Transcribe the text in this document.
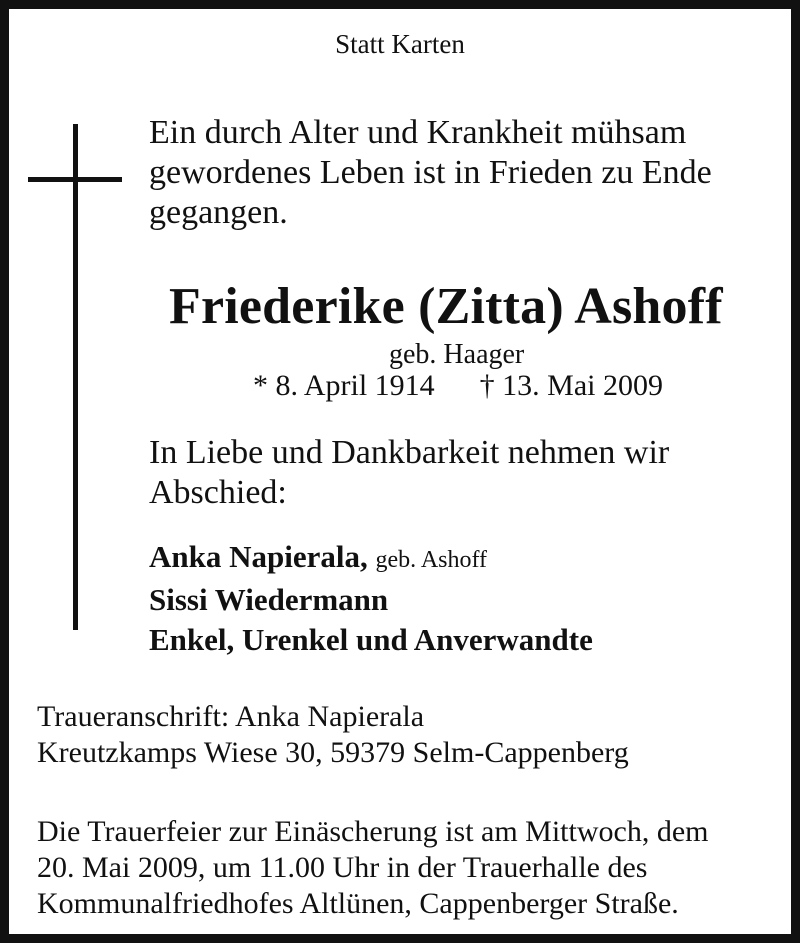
Statt Karten
Ein durch Alter und Krankheit mühsam
gewordenes Leben ist in Frieden zu Ende
gegangen.
Friederike (Zitta) Ashoff
geb. Haager
* 8. April 1914 † 13. Mai 2009
In Liebe und Dankbarkeit nehmen wir
Abschied:
Anka Napierala, geb. Ashoff
Sissi Wiedermann
Enkel, Urenkel und Anverwandte
Traueranschrift: Anka Napierala
Kreutzkamps Wiese 30, 59379 Selm-Cappenberg
Die Trauerfeier zur Einäscherung ist am Mittwoch, dem
20. Mai 2009, um 11.00 Uhr in der Trauerhalle des
Kommunalfriedhofes Altlünen, Cappenberger Straße.
